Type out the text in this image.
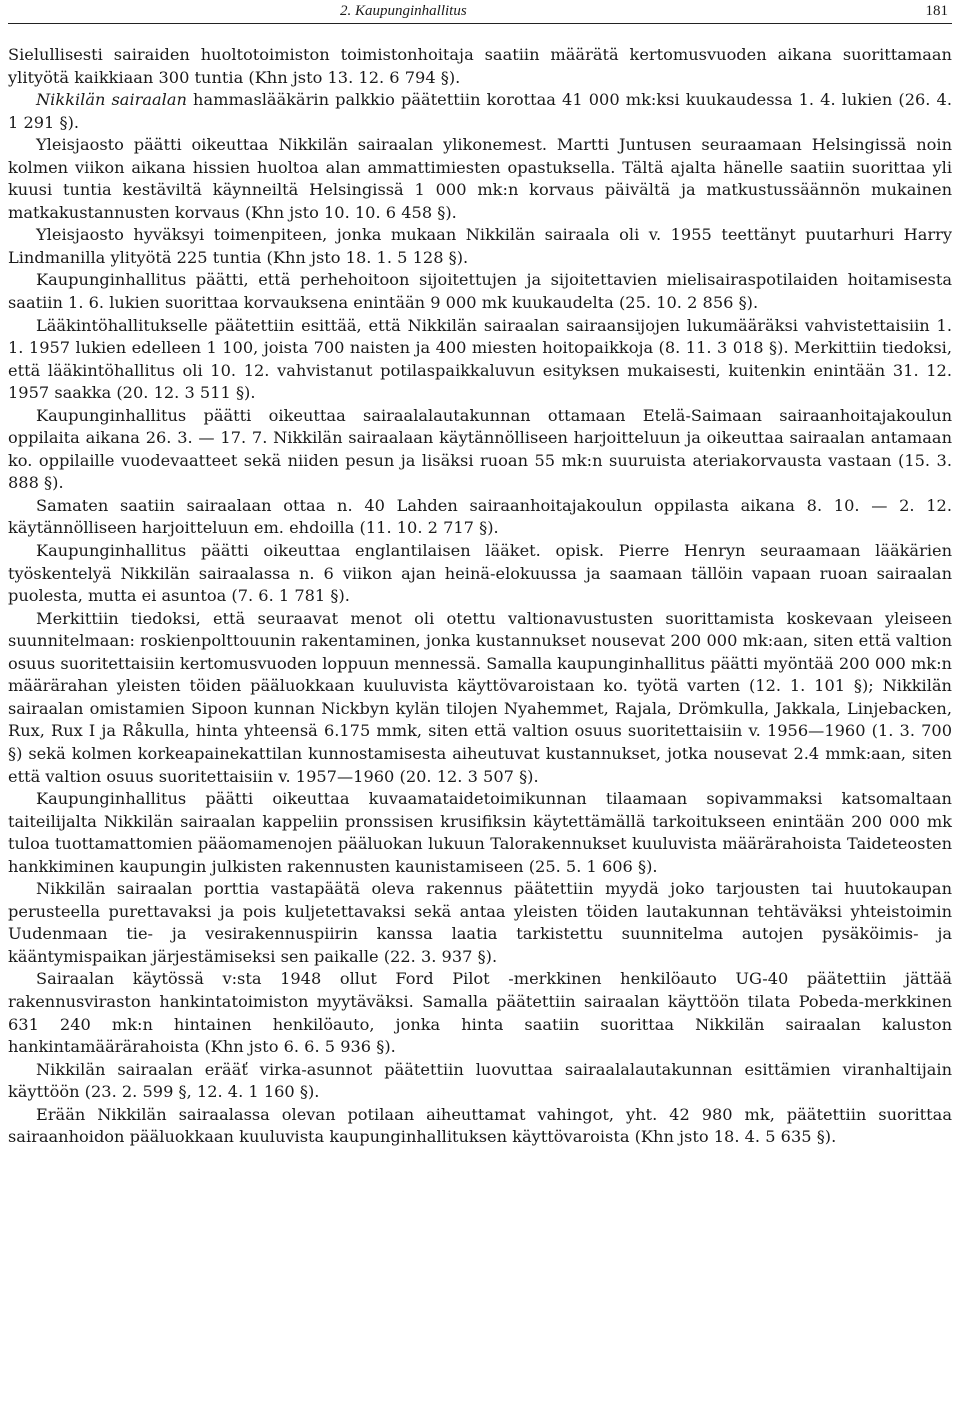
2. Kaupunginhallitus	181

Sielullisesti sairaiden huoltotoimiston toimistonhoitaja saatiin määrätä kertomusvuoden aikana suorittamaan ylityötä kaikkiaan 300 tuntia (Khn jsto 13. 12. 6 794 §).

Nikkilän sairaalan hammaslääkärin palkkio päätettiin korottaa 41 000 mk:ksi kuukaudessa 1. 4. lukien (26. 4. 1 291 §).

Yleisjaosto päätti oikeuttaa Nikkilän sairaalan ylikonemest. Martti Juntusen seuraamaan Helsingissä noin kolmen viikon aikana hissien huoltoa alan ammattimiesten opastuksella. Tältä ajalta hänelle saatiin suorittaa yli kuusi tuntia kestäviltä käynneiltä Helsingissä 1 000 mk:n korvaus päivältä ja matkustussäännön mukainen matkakustannusten korvaus (Khn jsto 10. 10. 6 458 §).

Yleisjaosto hyväksyi toimenpiteen, jonka mukaan Nikkilän sairaala oli v. 1955 teettänyt puutarhuri Harry Lindmanilla ylityötä 225 tuntia (Khn jsto 18. 1. 5 128 §).

Kaupunginhallitus päätti, että perhehoitoon sijoitettujen ja sijoitettavien mielisairaspotilaiden hoitamisesta saatiin 1. 6. lukien suorittaa korvauksena enintään 9 000 mk kuukaudelta (25. 10. 2 856 §).

Lääkintöhallitukselle päätettiin esittää, että Nikkilän sairaalan sairaansijojen lukumääräksi vahvistettaisiin 1. 1. 1957 lukien edelleen 1 100, joista 700 naisten ja 400 miesten hoitopaikkoja (8. 11. 3 018 §). Merkittiin tiedoksi, että lääkintöhallitus oli 10. 12. vahvistanut potilaspaikkaluvun esityksen mukaisesti, kuitenkin enintään 31. 12. 1957 saakka (20. 12. 3 511 §).

Kaupunginhallitus päätti oikeuttaa sairaalalautakunnan ottamaan Etelä-Saimaan sairaanhoitajakoulun oppilaita aikana 26. 3. — 17. 7. Nikkilän sairaalaan käytännölliseen harjoitteluun ja oikeuttaa sairaalan antamaan ko. oppilaille vuodevaatteet sekä niiden pesun ja lisäksi ruoan 55 mk:n suuruista ateriakorvausta vastaan (15. 3. 888 §).

Samaten saatiin sairaalaan ottaa n. 40 Lahden sairaanhoitajakoulun oppilasta aikana 8. 10. — 2. 12. käytännölliseen harjoitteluun em. ehdoilla (11. 10. 2 717 §).

Kaupunginhallitus päätti oikeuttaa englantilaisen lääket. opisk. Pierre Henryn seuraamaan lääkärien työskentelyä Nikkilän sairaalassa n. 6 viikon ajan heinä-elokuussa ja saamaan tällöin vapaan ruoan sairaalan puolesta, mutta ei asuntoa (7. 6. 1 781 §).

Merkittiin tiedoksi, että seuraavat menot oli otettu valtionavustusten suorittamista koskevaan yleiseen suunnitelmaan: roskienpolttouunin rakentaminen, jonka kustannukset nousevat 200 000 mk:aan, siten että valtion osuus suoritettaisiin kertomusvuoden loppuun mennessä. Samalla kaupunginhallitus päätti myöntää 200 000 mk:n määrärahan yleisten töiden pääluokkaan kuuluvista käyttövaroistaan ko. työtä varten (12. 1. 101 §); Nikkilän sairaalan omistamien Sipoon kunnan Nickbyn kylän tilojen Nyahemmet, Rajala, Drömkulla, Jakkala, Linjebacken, Rux, Rux I ja Råkulla, hinta yhteensä 6.175 mmk, siten että valtion osuus suoritettaisiin v. 1956—1960 (1. 3. 700 §) sekä kolmen korkeapainekattilan kunnostamisesta aiheutuvat kustannukset, jotka nousevat 2.4 mmk:aan, siten että valtion osuus suoritettaisiin v. 1957—1960 (20. 12. 3 507 §).

Kaupunginhallitus päätti oikeuttaa kuvaamataidetoimikunnan tilaamaan sopivammaksi katsomaltaan taiteilijalta Nikkilän sairaalan kappeliin pronssisen krusifiksin käytettämällä tarkoitukseen enintään 200 000 mk tuloa tuottamattomien pääomamenojen pääluokan lukuun Talorakennukset kuuluvista määrärahoista Taideteosten hankkiminen kaupungin julkisten rakennusten kaunistamiseen (25. 5. 1 606 §).

Nikkilän sairaalan porttia vastapäätä oleva rakennus päätettiin myydä joko tarjousten tai huutokaupan perusteella purettavaksi ja pois kuljetettavaksi sekä antaa yleisten töiden lautakunnan tehtäväksi yhteistoimin Uudenmaan tie- ja vesirakennuspiirin kanssa laatia tarkistettu suunnitelma autojen pysäköimis- ja kääntymispaikan järjestämiseksi sen paikalle (22. 3. 937 §).

Sairaalan käytössä v:sta 1948 ollut Ford Pilot -merkkinen henkilöauto UG-40 päätettiin jättää rakennusviraston hankintatoimiston myytäväksi. Samalla päätettiin sairaalan käyttöön tilata Pobeda-merkkinen 631 240 mk:n hintainen henkilöauto, jonka hinta saatiin suorittaa Nikkilän sairaalan kaluston hankintamäärärahoista (Khn jsto 6. 6. 5 936 §).

Nikkilän sairaalan erääť virka-asunnot päätettiin luovuttaa sairaalalautakunnan esittämien viranhaltijain käyttöön (23. 2. 599 §, 12. 4. 1 160 §).

Erään Nikkilän sairaalassa olevan potilaan aiheuttamat vahingot, yht. 42 980 mk, päätettiin suorittaa sairaanhoidon pääluokkaan kuuluvista kaupunginhallituksen käyttövaroista (Khn jsto 18. 4. 5 635 §).
